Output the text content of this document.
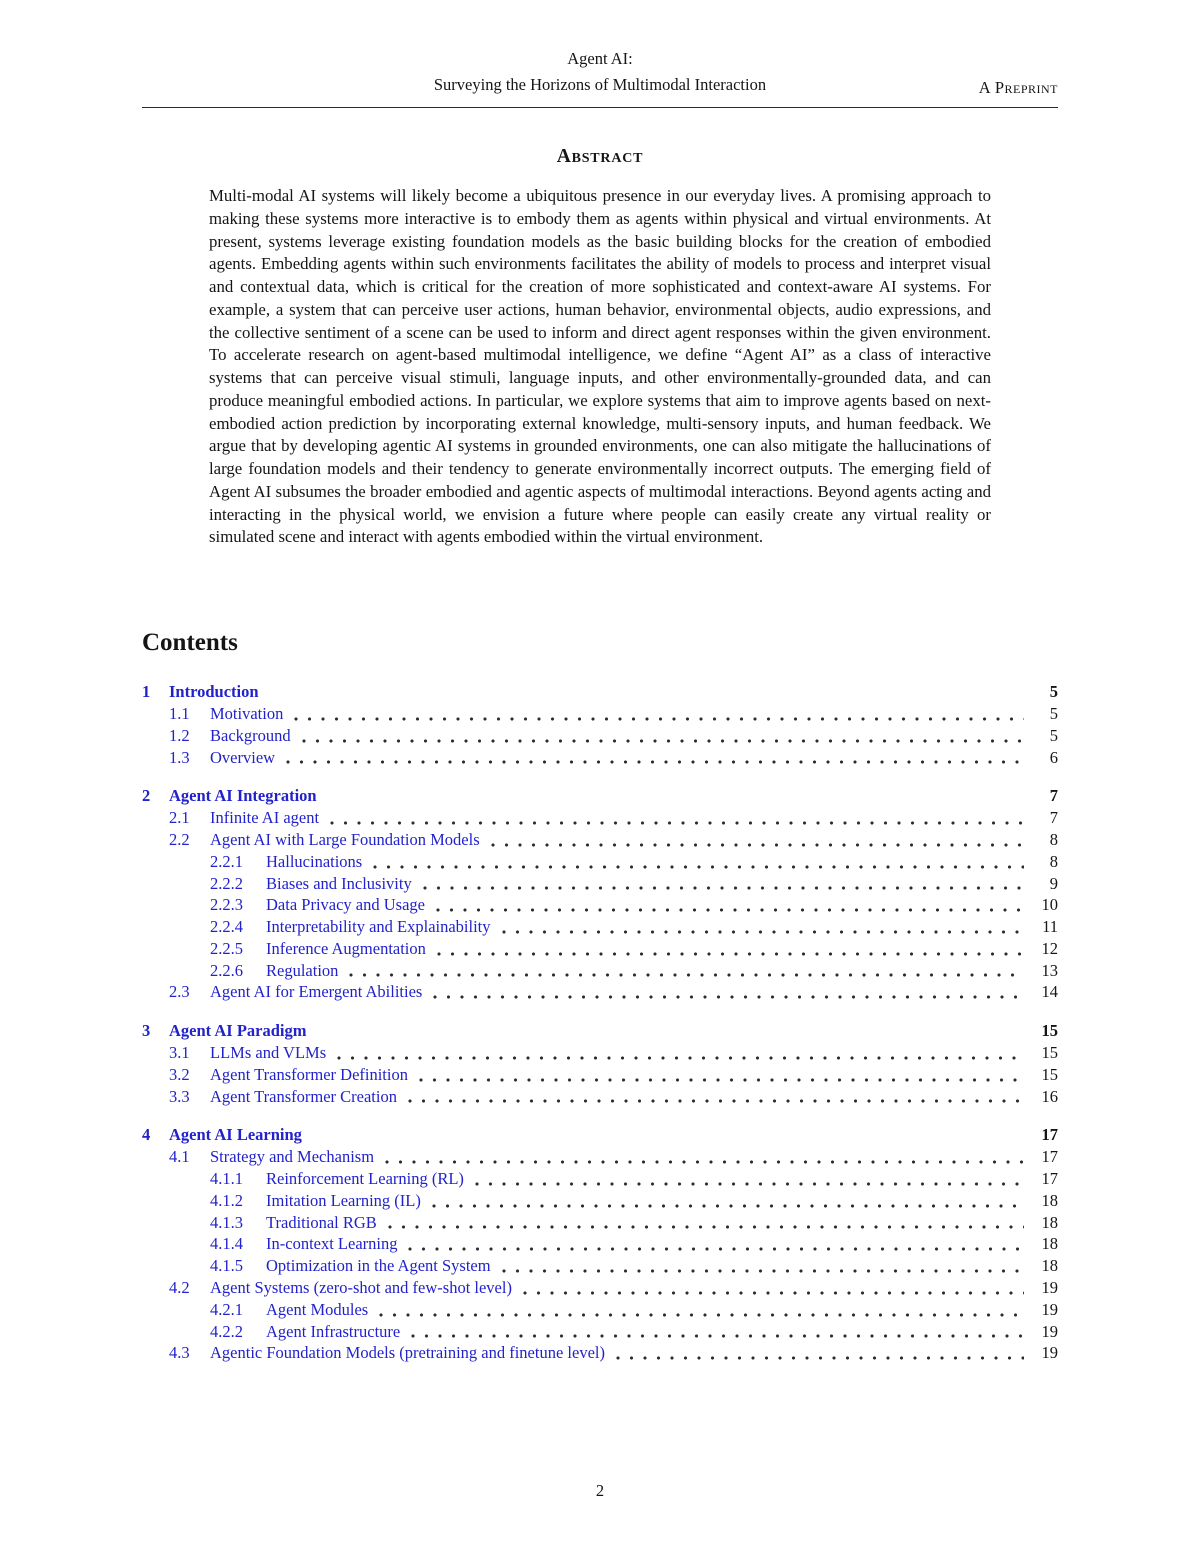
Agent AI:
Surveying the Horizons of Multimodal Interaction	A Preprint
Abstract

Multi-modal AI systems will likely become a ubiquitous presence in our everyday lives. A promising approach to making these systems more interactive is to embody them as agents within physical and virtual environments. At present, systems leverage existing foundation models as the basic building blocks for the creation of embodied agents. Embedding agents within such environments facilitates the ability of models to process and interpret visual and contextual data, which is critical for the creation of more sophisticated and context-aware AI systems. For example, a system that can perceive user actions, human behavior, environmental objects, audio expressions, and the collective sentiment of a scene can be used to inform and direct agent responses within the given environment. To accelerate research on agent-based multimodal intelligence, we define “Agent AI” as a class of interactive systems that can perceive visual stimuli, language inputs, and other environmentally-grounded data, and can produce meaningful embodied actions. In particular, we explore systems that aim to improve agents based on next-embodied action prediction by incorporating external knowledge, multi-sensory inputs, and human feedback. We argue that by developing agentic AI systems in grounded environments, one can also mitigate the hallucinations of large foundation models and their tendency to generate environmentally incorrect outputs. The emerging field of Agent AI subsumes the broader embodied and agentic aspects of multimodal interactions. Beyond agents acting and interacting in the physical world, we envision a future where people can easily create any virtual reality or simulated scene and interact with agents embodied within the virtual environment.

Contents
1	Introduction	5
1.1	Motivation	5
1.2	Background	5
1.3	Overview	6
2	Agent AI Integration	7
2.1	Infinite AI agent	7
2.2	Agent AI with Large Foundation Models	8
2.2.1	Hallucinations	8
2.2.2	Biases and Inclusivity	9
2.2.3	Data Privacy and Usage	10
2.2.4	Interpretability and Explainability	11
2.2.5	Inference Augmentation	12
2.2.6	Regulation	13
2.3	Agent AI for Emergent Abilities	14
3	Agent AI Paradigm	15
3.1	LLMs and VLMs	15
3.2	Agent Transformer Definition	15
3.3	Agent Transformer Creation	16
4	Agent AI Learning	17
4.1	Strategy and Mechanism	17
4.1.1	Reinforcement Learning (RL)	17
4.1.2	Imitation Learning (IL)	18
4.1.3	Traditional RGB	18
4.1.4	In-context Learning	18
4.1.5	Optimization in the Agent System	18
4.2	Agent Systems (zero-shot and few-shot level)	19
4.2.1	Agent Modules	19
4.2.2	Agent Infrastructure	19
4.3	Agentic Foundation Models (pretraining and finetune level)	19
2
